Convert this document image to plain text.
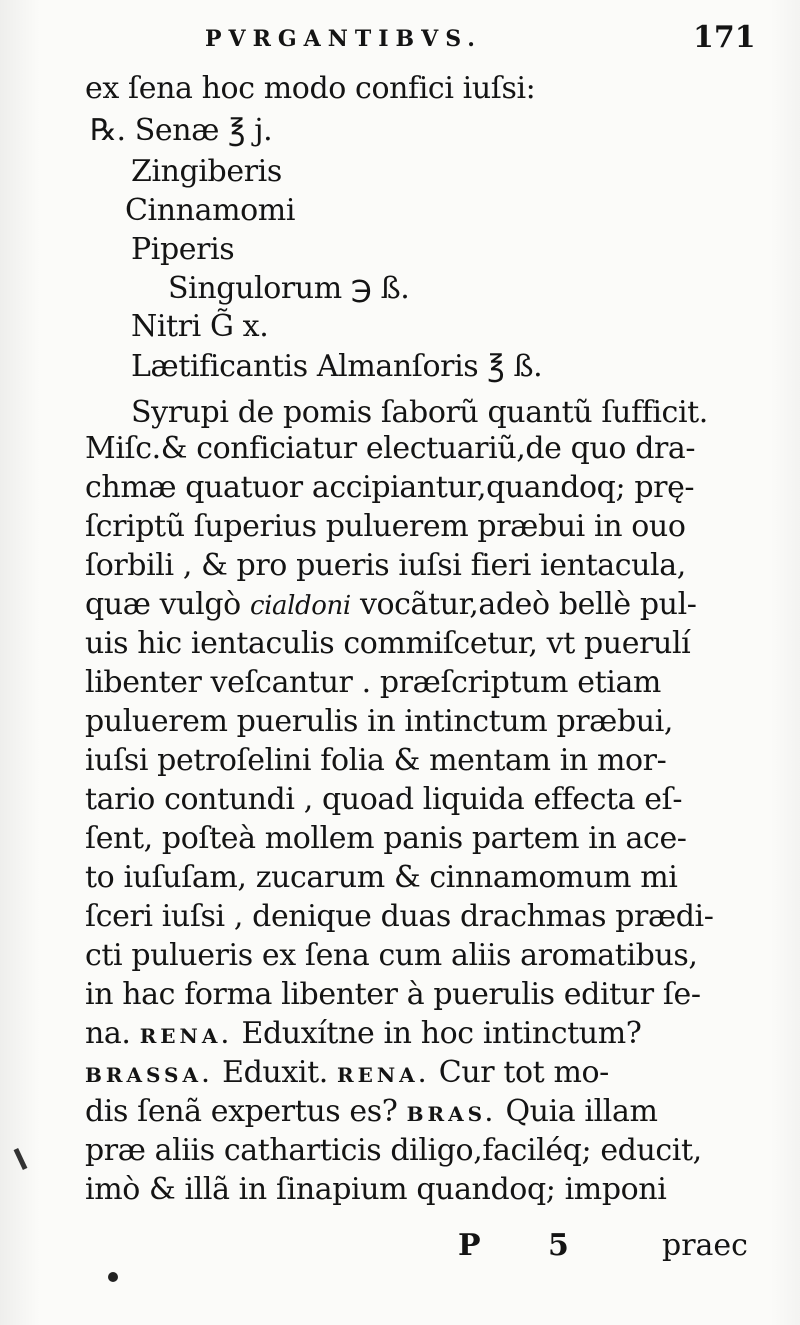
PVRGANTIBVS.	171
ex ſena hoc modo confici iuſsi:
℞. Senæ ℥ j.
Zingiberis
Cinnamomi
Piperis
Singulorum ℈ ß.
Nitri G̃ x.
Lætificantis Almanſoris ℥ ß.
Syrupi de pomis ſaborũ quantũ ſufficit.
Miſc.& conficiatur electuariũ,de quo dra-
chmæ quatuor accipiantur,quandoq; prę-
ſcriptũ ſuperius puluerem præbui in ouo
ſorbili , & pro pueris iuſsi fieri ientacula,
quæ vulgò cialdoni vocãtur,adeò bellè pul-
uis hic ientaculis commiſcetur, vt puerulí
libenter veſcantur . præſcriptum etiam
puluerem puerulis in intinctum præbui,
iuſsi petroſelini folia & mentam in mor-
tario contundi , quoad liquida effecta eſ-
ſent, poſteà mollem panis partem in ace-
to iuſuſam, zucarum & cinnamomum mi
ſceri iuſsi , denique duas drachmas prædi-
cti pulueris ex ſena cum aliis aromatibus,
in hac forma libenter à puerulis editur ſe-
na. RENA. Eduxítne in hoc intinctum?
BRASSA. Eduxit. RENA. Cur tot mo-
dis ſenã expertus es? BRAS. Quia illam
præ aliis catharticis diligo,faciléq; educit,
imò & illã in ſinapium quandoq; imponi
P 5	praec
